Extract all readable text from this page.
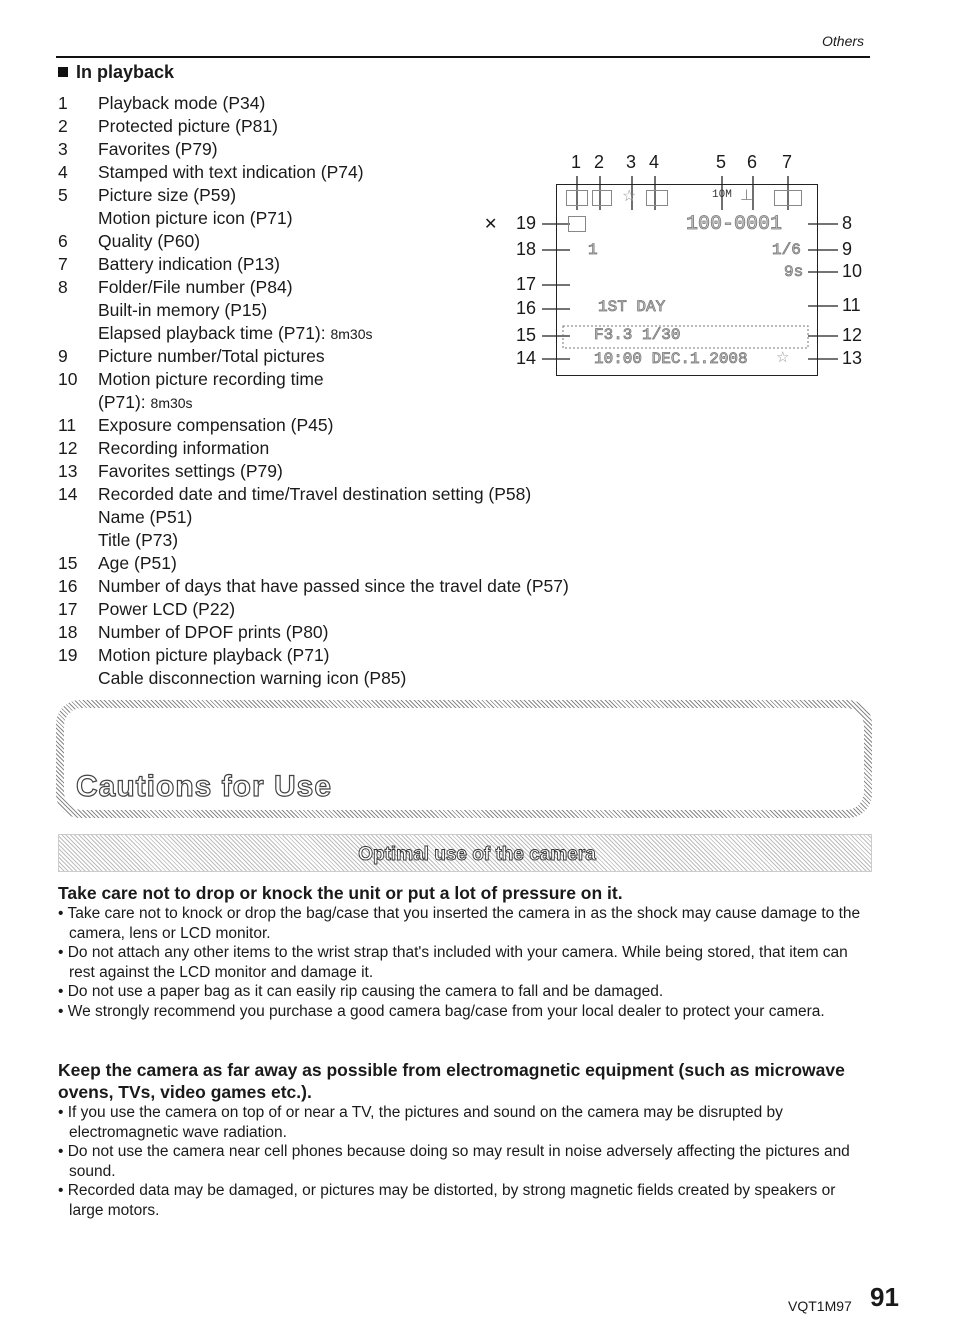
Others
In playback
1	Playback mode (P34)
2	Protected picture (P81)
3	Favorites (P79)
4	Stamped with text indication (P74)
5	Picture size (P59)
Motion picture icon (P71)
6	Quality (P60)
7	Battery indication (P13)
8	Folder/File number (P84)
Built-in memory (P15)
Elapsed playback time (P71): 8m30s
9	Picture number/Total pictures
10	Motion picture recording time
(P71): 8m30s
11	Exposure compensation (P45)
12	Recording information
13	Favorites settings (P79)
14	Recorded date and time/Travel destination setting (P58)
Name (P51)
Title (P73)
15	Age (P51)
16	Number of days that have passed since the travel date (P57)
17	Power LCD (P22)
18	Number of DPOF prints (P80)
19	Motion picture playback (P71)
Cable disconnection warning icon (P85)
1 2 3 4	5 6 7
✕ 19
18
17
16
15
14
8
9
10
11
12
13
☆	10M ⊥
100-0001
1	1/6
9s
1ST DAY
F3.3 1/30
10:00 DEC.1.2008 ☆
Cautions for Use
Optimal use of the camera
Take care not to drop or knock the unit or put a lot of pressure on it.
• Take care not to knock or drop the bag/case that you inserted the camera in as the shock may cause damage to the camera, lens or LCD monitor.
• Do not attach any other items to the wrist strap that's included with your camera. While being stored, that item can rest against the LCD monitor and damage it.
• Do not use a paper bag as it can easily rip causing the camera to fall and be damaged.
• We strongly recommend you purchase a good camera bag/case from your local dealer to protect your camera.
Keep the camera as far away as possible from electromagnetic equipment (such as microwave ovens, TVs, video games etc.).
• If you use the camera on top of or near a TV, the pictures and sound on the camera may be disrupted by electromagnetic wave radiation.
• Do not use the camera near cell phones because doing so may result in noise adversely affecting the pictures and sound.
• Recorded data may be damaged, or pictures may be distorted, by strong magnetic fields created by speakers or large motors.
VQT1M97 91
